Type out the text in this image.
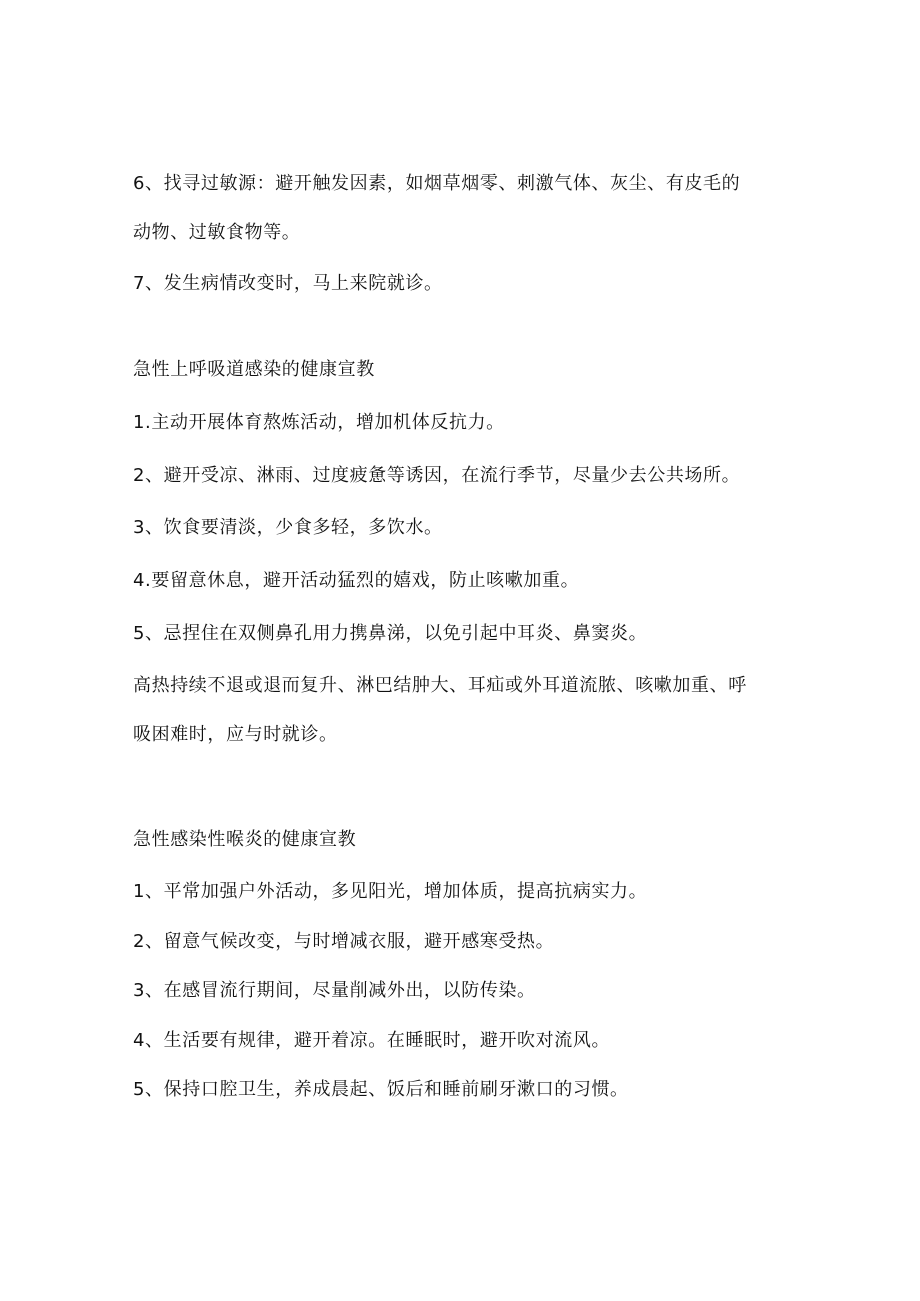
6、找寻过敏源：避开触发因素，如烟草烟零、刺激气体、灰尘、有皮毛的
动物、过敏食物等。
7、发生病情改变时，马上来院就诊。
急性上呼吸道感染的健康宣教
1.主动开展体育熬炼活动，增加机体反抗力。
2、避开受凉、淋雨、过度疲惫等诱因，在流行季节，尽量少去公共场所。
3、饮食要清淡，少食多轻，多饮水。
4.要留意休息，避开活动猛烈的嬉戏，防止咳嗽加重。
5、忌捏住在双侧鼻孔用力携鼻涕，以免引起中耳炎、鼻窦炎。
高热持续不退或退而复升、淋巴结肿大、耳疝或外耳道流脓、咳嗽加重、呼
吸困难时，应与时就诊。
急性感染性喉炎的健康宣教
1、平常加强户外活动，多见阳光，增加体质，提高抗病实力。
2、留意气候改变，与时增减衣服，避开感寒受热。
3、在感冒流行期间，尽量削减外出，以防传染。
4、生活要有规律，避开着凉。在睡眠时，避开吹对流风。
5、保持口腔卫生，养成晨起、饭后和睡前刷牙漱口的习惯。
